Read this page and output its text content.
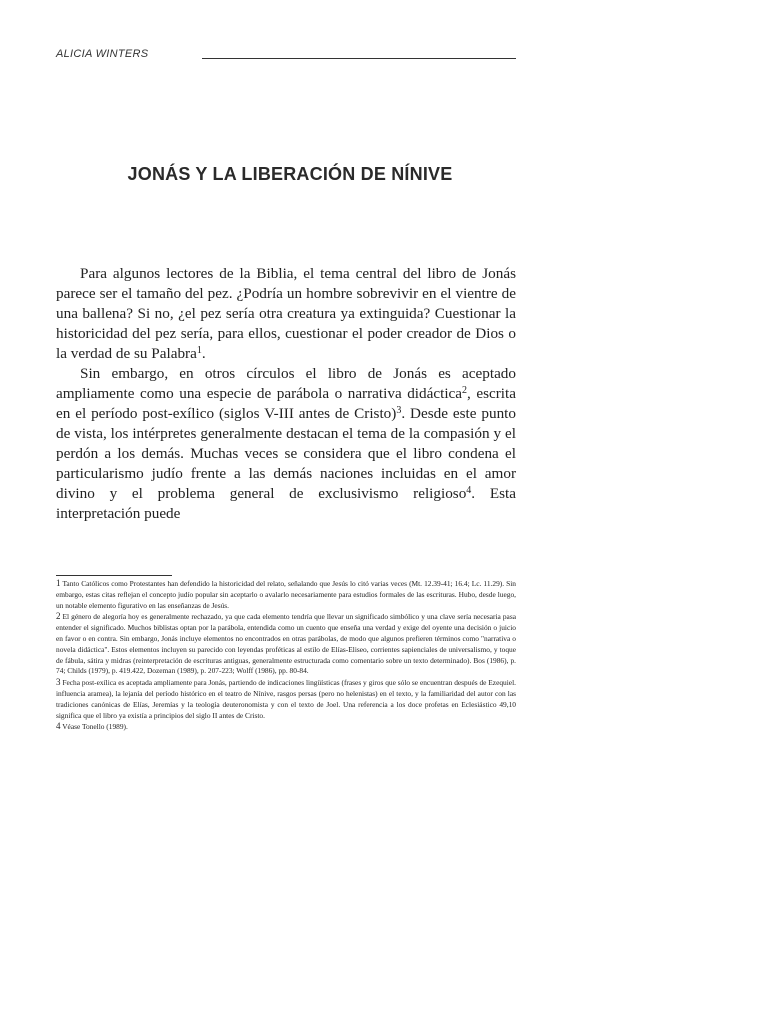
ALICIA WINTERS
JONÁS Y LA LIBERACIÓN DE NÍNIVE

Para algunos lectores de la Biblia, el tema central del libro de Jonás parece ser el tamaño del pez. ¿Podría un hombre sobrevivir en el vientre de una ballena? Si no, ¿el pez sería otra creatura ya extinguida? Cuestionar la historicidad del pez sería, para ellos, cuestionar el poder creador de Dios o la verdad de su Palabra$^1$.

Sin embargo, en otros círculos el libro de Jonás es aceptado ampliamente como una especie de parábola o narrativa didáctica$^2$, escrita en el período post-exílico (siglos V-III antes de Cristo)$^3$. Desde este punto de vista, los intérpretes generalmente destacan el tema de la compasión y el perdón a los demás. Muchas veces se considera que el libro condena el particularismo judío frente a las demás naciones incluidas en el amor divino y el problema general de exclusivismo religioso$^4$. Esta interpretación puede

1 Tanto Católicos como Protestantes han defendido la historicidad del relato, señalando que Jesús lo citó varias veces (Mt. 12.39-41; 16.4; Lc. 11.29). Sin embargo, estas citas reflejan el concepto judío popular sin aceptarlo o avalarlo necesariamente para estudios formales de las escrituras. Hubo, desde luego, un notable elemento figurativo en las enseñanzas de Jesús.

2 El género de alegoría hoy es generalmente rechazado, ya que cada elemento tendría que llevar un significado simbólico y una clave sería necesaria pasa entender el significado. Muchos biblistas optan por la parábola, entendida como un cuento que enseña una verdad y exige del oyente una decisión o juicio en favor o en contra. Sin embargo, Jonás incluye elementos no encontrados en otras parábolas, de modo que algunos prefieren términos como "narrativa o novela didáctica". Estos elementos incluyen su parecido con leyendas proféticas al estilo de Elías-Eliseo, corrientes sapienciales de universalismo, y toque de fábula, sátira y midras (reinterpretación de escrituras antiguas, generalmente estructurada como comentario sobre un texto determinado). Bos (1986), p. 74; Childs (1979), p. 419.422, Dozeman (1989), p. 207-223; Wolff (1986), pp. 80-84.

3 Fecha post-exílica es aceptada ampliamente para Jonás, partiendo de indicaciones lingüísticas (frases y giros que sólo se encuentran después de Ezequiel. influencia aramea), la lejanía del período histórico en el teatro de Nínive, rasgos persas (pero no helenistas) en el texto, y la familiaridad del autor con las tradiciones canónicas de Elías, Jeremías y la teología deuteronomista y con el texto de Joel. Una referencia a los doce profetas en Eclesiástico 49,10 significa que el libro ya existía a principios del siglo II antes de Cristo.

4 Véase Tonello (1989).
